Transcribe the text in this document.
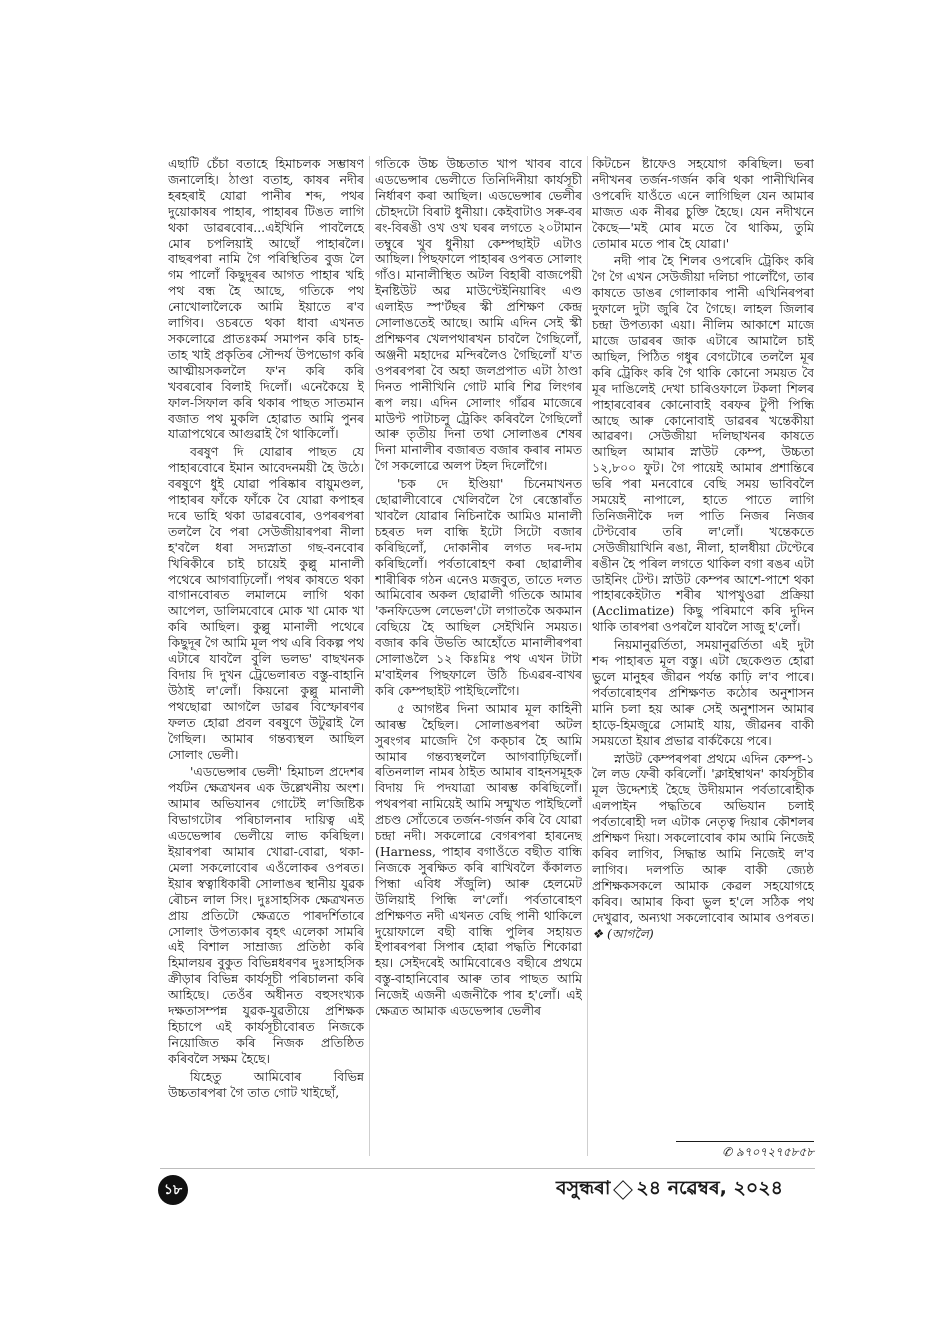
এছাটি চেঁচা বতাহে হিমাচলক সম্ভাষণ জনালেহি। ঠাণ্ডা বতাহ, কাষৰ নদীৰ হৰহৰাই যোৱা পানীৰ শব্দ, পথৰ দুয়োকাষৰ পাহাৰ, পাহাৰৰ টিঙত লাগি থকা ডাৱৰবোৰ...এইখিনি পাবলৈহে মোৰ চপলিয়াই আছোঁ পাহাৰলৈ। বাছৰপৰা নামি গৈ পৰিস্থিতিৰ বুজ লৈ গম পালোঁ কিছুদূৰৰ আগত পাহাৰ খহি পথ বন্ধ হৈ আছে, গতিকে পথ নোখোলালৈকে আমি ইয়াতে ৰ'ব লাগিব। ওচৰতে থকা ধাবা এখনত সকলোৱে প্ৰাতঃকৰ্ম সমাপন কৰি চাহ-তাহ খাই প্ৰকৃতিৰ সৌন্দৰ্য উপভোগ কৰি আত্মীয়সকললৈ ফ'ন কৰি কৰি খবৰবোৰ বিলাই দিলোঁ। এনেকৈয়ে ই ফাল-সিফাল কৰি থকাৰ পাছত সাতমান বজাত পথ মুকলি হোৱাত আমি পুনৰ যাত্ৰাপথেৰে আগুৱাই গৈ থাকিলোঁ।

বৰষুণ দি যোৱাৰ পাছত যে পাহাৰবোৰে ইমান আবেদনময়ী হৈ উঠে। বৰষুণে ধুই যোৱা পৰিষ্কাৰ বায়ুমণ্ডল, পাহাৰৰ ফাঁকে ফাঁকে বৈ যোৱা কপাহৰ দৰে ভাহি থকা ডাৱৰবোৰ, ওপৰৰপৰা তললৈ বৈ পৰা সেউজীয়াৰপৰা নীলা হ'বলৈ ধৰা সদ্যস্নাতা গছ-বনবোৰ খিৰিকীৰে চাই চায়েই কুল্লু মানালী পথেৰে আগবাঢ়িলোঁ। পথৰ কাষতে থকা বাগানবোৰত লমালমে লাগি থকা আপেল, ডালিমবোৰে মোক খা মোক খা কৰি আছিল। কুল্লু মানালী পথেৰে কিছুদূৰ গৈ আমি মূল পথ এৰি বিকল্প পথ এটাৰে যাবলৈ বুলি ভলভ' বাছখনক বিদায় দি দুখন ট্ৰেভেলাৰত বস্তু-বাহানি উঠাই ল'লোঁ। কিয়নো কুল্লু মানালী পথছোৱা আগলৈ ডাৱৰ বিস্ফোৰণৰ ফলত হোৱা প্ৰবল বৰষুণে উটুৱাই লৈ গৈছিল। আমাৰ গন্তব্যস্থল আছিল সোলাং ভেলী।

'এডভেন্সাৰ ভেলী' হিমাচল প্ৰদেশৰ পৰ্যটন ক্ষেত্ৰখনৰ এক উল্লেখনীয় অংশ। আমাৰ অভিযানৰ গোটেই ল'জিষ্টিক বিভাগটোৰ পৰিচালনাৰ দায়িত্ব এই এডভেন্সাৰ ভেলীয়ে লাভ কৰিছিল। ইয়াৰপৰা আমাৰ খোৱা-বোৱা, থকা-মেলা সকলোবোৰ এওঁলোকৰ ওপৰত। ইয়াৰ স্বত্বাধিকাৰী সোলাঙৰ স্থানীয় যুৱক ৰৌচন লাল সিং। দুঃসাহসিক ক্ষেত্ৰখনত প্ৰায় প্ৰতিটো ক্ষেত্ৰতে পাৰদৰ্শিতাৰে সোলাং উপত্যকাৰ বৃহৎ এলেকা সামৰি এই বিশাল সাম্ৰাজ্য প্ৰতিষ্ঠা কৰি হিমালয়ৰ বুকুত বিভিন্নধৰণৰ দুঃসাহসিক ক্ৰীড়াৰ বিভিন্ন কাৰ্যসূচী পৰিচালনা কৰি আহিছে। তেওঁৰ অধীনত বহুসংখ্যক দক্ষতাসম্পন্ন যুৱক-যুৱতীয়ে প্ৰশিক্ষক হিচাপে এই কাৰ্যসূচীবোৰত নিজকে নিয়োজিত কৰি নিজক প্ৰতিষ্ঠিত কৰিবলৈ সক্ষম হৈছে।

যিহেতু আমিবোৰ বিভিন্ন উচ্চতাৰপৰা গৈ তাত গোট খাইছোঁ,

গতিকে উচ্চ উচ্চতাত খাপ খাবৰ বাবে এডভেন্সাৰ ভেলীতে তিনিদিনীয়া কাৰ্যসূচী নিৰ্ধাৰণ কৰা আছিল। এডভেন্সাৰ ভেলীৰ চৌহদটো বিৰাট ধুনীয়া। কেইবাটাও সৰু-বৰ ৰং-বিৰঙী ওখ ওখ ঘৰৰ লগতে ২০টামান তম্বুৰে খুব ধুনীয়া কেম্পছাইট এটাও আছিল। পিছফালে পাহাৰৰ ওপৰত সোলাং গাঁও। মানালীস্থিত অটল বিহাৰী বাজপেয়ী ইনষ্টিউট অৱ মাউণ্টেইনিয়াৰিং এণ্ড এলাইড স্প'ৰ্টছৰ স্কী প্ৰশিক্ষণ কেন্দ্ৰ সোলাঙতেই আছে। আমি এদিন সেই স্কী প্ৰশিক্ষণৰ খেলপথাৰখন চাবলৈ গৈছিলোঁ, অঞ্জনী মহাদেৱ মন্দিৰলৈও গৈছিলোঁ য'ত ওপৰৰপৰা বৈ অহা জলপ্ৰপাত এটা ঠাণ্ডা দিনত পানীখিনি গোট মাৰি শিৱ লিংগৰ ৰূপ লয়। এদিন সোলাং গাঁৱৰ মাজেৰে মাউণ্ট পাটাচলু ট্ৰেকিং কৰিবলৈ গৈছিলোঁ আৰু তৃতীয় দিনা তথা সোলাঙৰ শেষৰ দিনা মানালীৰ বজাৰত বজাৰ কৰাৰ নামত গৈ সকলোৱে অলপ টহল দিলোঁগৈ।

'চক দে ইণ্ডিয়া' চিনেমাখনত ছোৱালীবোৰে খেলিবলৈ গৈ ৰেস্তোৰাঁত খাবলৈ যোৱাৰ নিচিনাকৈ আমিও মানালী চহৰত দল বান্ধি ইটো সিটো বজাৰ কৰিছিলোঁ, দোকানীৰ লগত দৰ-দাম কৰিছিলোঁ। পৰ্বতাৰোহণ কৰা ছোৱালীৰ শাৰীৰিক গঠন এনেও মজবুত, তাতে দলত আমিবোৰ অকল ছোৱালী গতিকে আমাৰ 'কনফিডেন্স লেভেল'টো লগাতকৈ অকমান বেছিয়ে হৈ আছিল সেইখিনি সময়ত। বজাৰ কৰি উভতি আহোঁতে মানালীৰপৰা সোলাঙলৈ ১২ কিঃমিঃ পথ এখন টাটা ম'বাইলৰ পিছফালে উঠি চিএৱৰ-বাখৰ কৰি কেম্পছাইট পাইছিলোঁগৈ।

৫ আগষ্টৰ দিনা আমাৰ মূল কাহিনী আৰম্ভ হৈছিল। সোলাঙৰপৰা অটল সুৰংগৰ মাজেদি গৈ কক্চাৰ হৈ আমি আমাৰ গন্তব্যস্থললৈ আগবাঢ়িছিলোঁ। ৰতিনলাল নামৰ ঠাইত আমাৰ বাহনসমূহক বিদায় দি পদযাত্ৰা আৰম্ভ কৰিছিলোঁ। পথৰপৰা নামিয়েই আমি সন্মুখত পাইছিলোঁ প্ৰচণ্ড সোঁতেৰে তৰ্জন-গৰ্জন কৰি বৈ যোৱা চন্দ্ৰা নদী। সকলোৱে বেগৰপৰা হাৰনেছ (Harness, পাহাৰ বগাওঁতে বছীত বান্ধি নিজকে সুৰক্ষিত কৰি ৰাখিবলৈ কঁকালত পিন্ধা এবিধ সঁজুলি) আৰু হেলমেট উলিয়াই পিন্ধি ল'লোঁ। পৰ্বতাৰোহণ প্ৰশিক্ষণত নদী এখনত বেছি পানী থাকিলে দুয়োফালে বছী বান্ধি পুলিৰ সহায়ত ইপাৰৰপৰা সিপাৰ হোৱা পদ্ধতি শিকোৱা হয়। সেইদৰেই আমিবোৰেও বছীৰে প্ৰথমে বস্তু-বাহানিবোৰ আৰু তাৰ পাছত আমি নিজেই এজনী এজনীকৈ পাৰ হ'লোঁ। এই ক্ষেত্ৰত আমাক এডভেন্সাৰ ভেলীৰ

কিটচেন ষ্টাফেও সহযোগ কৰিছিল। ভৰা নদীখনৰ তৰ্জন-গৰ্জন কৰি থকা পানীখিনিৰ ওপৰেদি যাওঁতে এনে লাগিছিল যেন আমাৰ মাজত এক নীৰৱ চুক্তি হৈছে। যেন নদীখনে কৈছে—'মই মোৰ মতে বৈ থাকিম, তুমি তোমাৰ মতে পাৰ হৈ যোৱা।'

নদী পাৰ হৈ শিলৰ ওপৰেদি ট্ৰেকিং কৰি গৈ গৈ এখন সেউজীয়া দলিচা পালোঁগৈ, তাৰ কাষতে ডাঙৰ গোলাকাৰ পানী এখিনিৰপৰা দুফালে দুটা জুৰি বৈ গৈছে। লাহল জিলাৰ চন্দ্ৰা উপত্যকা এয়া। নীলিম আকাশে মাজে মাজে ডাৱৰৰ জাক এটাৰে আমালৈ চাই আছিল, পিঠিত গধুৰ বেগটোৰে তললৈ মূৰ কৰি ট্ৰেকিং কৰি গৈ থাকি কোনো সময়ত বৈ মূৰ দাঙিলেই দেখা চাৰিওফালে টকলা শিলৰ পাহাৰবোৰৰ কোনোবাই বৰফৰ টুপী পিন্ধি আছে আৰু কোনোবাই ডাৱৰৰ খন্তেকীয়া আৱৰণ। সেউজীয়া দলিছাখনৰ কাষতে আছিল আমাৰ স্নাউট কেম্প, উচ্চতা ১২,৮০০ ফুট। গৈ পায়েই আমাৰ প্ৰশান্তিৰে ভৰি পৰা মনবোৰে বেছি সময় ভাবিবলৈ সময়েই নাপালে, হাতে পাতে লাগি তিনিজনীকৈ দল পাতি নিজৰ নিজৰ টেণ্টবোৰ তৰি ল'লোঁ। খন্তেকতে সেউজীয়াখিনি ৰঙা, নীলা, হালধীয়া টেণ্টেৰে ৰঙীন হৈ পৰিল লগতে থাকিল বগা ৰঙৰ এটা ডাইনিং টেণ্ট। স্নাউট কেম্পৰ আশে-পাশে থকা পাহাৰকেইটাত শৰীৰ খাপখুওৱা প্ৰক্ৰিয়া (Acclimatize) কিছু পৰিমাণে কৰি দুদিন থাকি তাৰপৰা ওপৰলৈ যাবলৈ সাজু হ'লোঁ।

নিয়মানুৱৰ্তিতা, সময়ানুৱৰ্তিতা এই দুটা শব্দ পাহাৰত মূল বস্তু। এটা ছেকেণ্ডত হোৱা ভুলে মানুহৰ জীৱন পৰ্যন্ত কাঢ়ি ল'ব পাৰে। পৰ্বতাৰোহণৰ প্ৰশিক্ষণত কঠোৰ অনুশাসন মানি চলা হয় আৰু সেই অনুশাসন আমাৰ হাড়ে-হিমজুৱে সোমাই যায়, জীৱনৰ বাকী সময়তো ইয়াৰ প্ৰভাৱ বাৰ্ককৈয়ে পৰে।

স্নাউট কেম্পৰপৰা প্ৰথমে এদিন কেম্প-১ লৈ লড ফেৰী কৰিলোঁ। 'ক্লাইম্বাথন' কাৰ্যসূচীৰ মূল উদ্দেশ্যই হৈছে উদীয়মান পৰ্বতাৰোহীক এলপাইন পদ্ধতিৰে অভিযান চলাই পৰ্বতাৰোহী দল এটাক নেতৃত্ব দিয়াৰ কৌশলৰ প্ৰশিক্ষণ দিয়া। সকলোবোৰ কাম আমি নিজেই কৰিব লাগিব, সিদ্ধান্ত আমি নিজেই ল'ব লাগিব। দলপতি আৰু বাকী জ্যেষ্ঠ প্ৰশিক্ষকসকলে আমাক কেৱল সহযোগহে কৰিব। আমাৰ কিবা ভুল হ'লে সঠিক পথ দেখুৱাব, অন্যথা সকলোবোৰ আমাৰ ওপৰত। ❖ (আগলৈ)

✆ ৯৭০৭২৭৫৮৫৮
১৮	বসুন্ধৰা ২৪ নৱেম্বৰ, ২০২৪
